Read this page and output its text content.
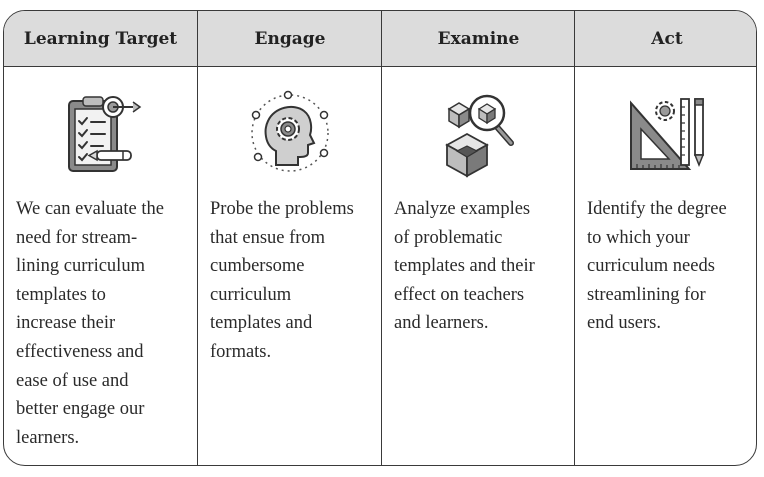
Learning Target
We can evaluate the
need for stream-
lining curriculum
templates to
increase their
effectiveness and
ease of use and
better engage our
learners.
Engage
Probe the problems
that ensue from
cumbersome
curriculum
templates and
formats.
Examine
Analyze examples
of problematic
templates and their
effect on teachers
and learners.
Act
Identify the degree
to which your
curriculum needs
streamlining for
end users.
